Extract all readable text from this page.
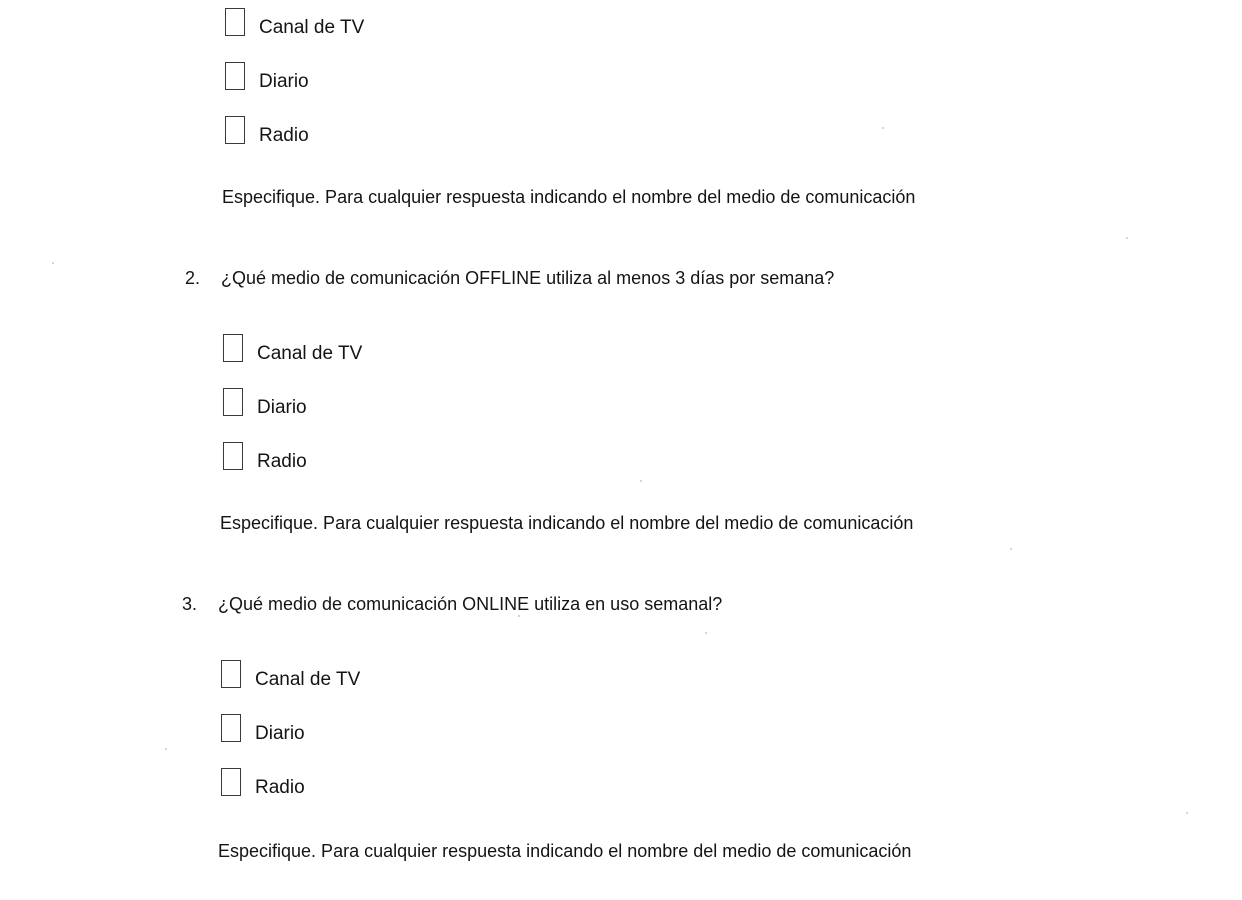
Canal de TV
Diario
Radio
Especifique. Para cualquier respuesta indicando el nombre del medio de comunicación
2. ¿Qué medio de comunicación OFFLINE utiliza al menos 3 días por semana?
Canal de TV
Diario
Radio
Especifique. Para cualquier respuesta indicando el nombre del medio de comunicación
3. ¿Qué medio de comunicación ONLINE utiliza en uso semanal?
Canal de TV
Diario
Radio
Especifique. Para cualquier respuesta indicando el nombre del medio de comunicación
